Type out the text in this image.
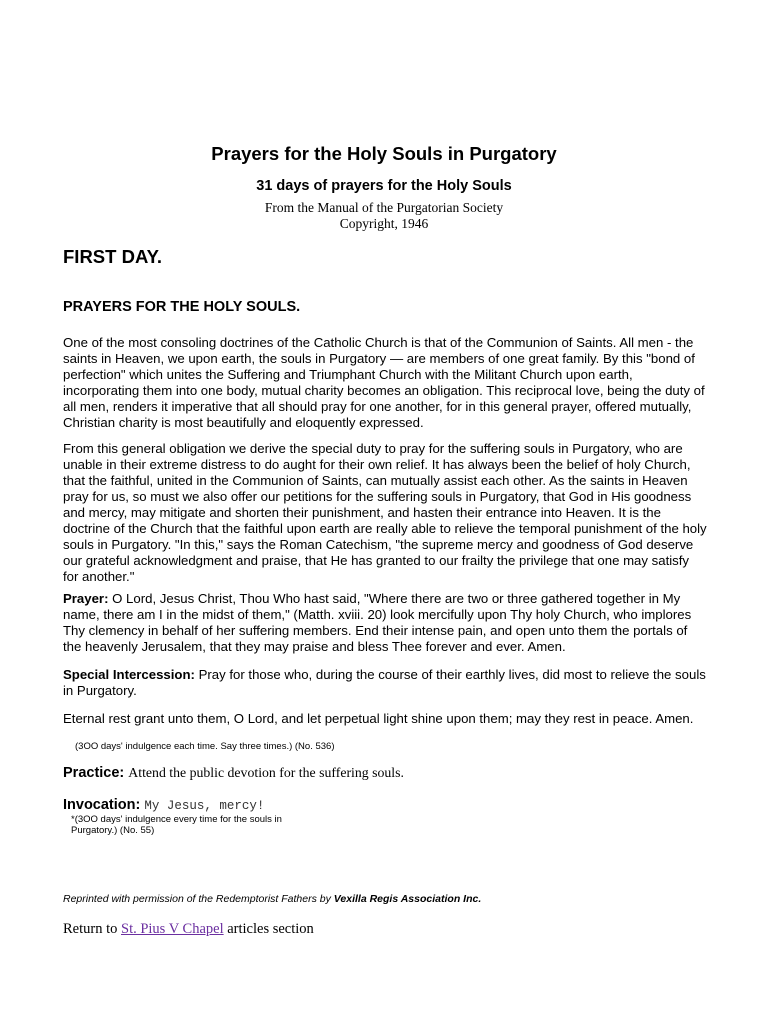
Prayers for the Holy Souls in Purgatory
31 days of prayers for the Holy Souls
From the Manual of the Purgatorian Society
Copyright, 1946
FIRST DAY.
PRAYERS FOR THE HOLY SOULS.

One of the most consoling doctrines of the Catholic Church is that of the Communion of Saints. All men - the saints in Heaven, we upon earth, the souls in Purgatory — are members of one great family. By this "bond of perfection" which unites the Suffering and Triumphant Church with the Militant Church upon earth, incorporating them into one body, mutual charity becomes an obligation. This reciprocal love, being the duty of all men, renders it imperative that all should pray for one another, for in this general prayer, offered mutually, Christian charity is most beautifully and eloquently expressed.

From this general obligation we derive the special duty to pray for the suffering souls in Purgatory, who are unable in their extreme distress to do aught for their own relief. It has always been the belief of holy Church, that the faithful, united in the Communion of Saints, can mutually assist each other. As the saints in Heaven pray for us, so must we also offer our petitions for the suffering souls in Purgatory, that God in His goodness and mercy, may mitigate and shorten their punishment, and hasten their entrance into Heaven. It is the doctrine of the Church that the faithful upon earth are really able to relieve the temporal punishment of the holy souls in Purgatory. "In this," says the Roman Catechism, "the supreme mercy and goodness of God deserve our grateful acknowledgment and praise, that He has granted to our frailty the privilege that one may satisfy for another."

Prayer: O Lord, Jesus Christ, Thou Who hast said, "Where there are two or three gathered together in My name, there am I in the midst of them," (Matth. xviii. 20) look mercifully upon Thy holy Church, who implores Thy clemency in behalf of her suffering members. End their intense pain, and open unto them the portals of the heavenly Jerusalem, that they may praise and bless Thee forever and ever. Amen.

Special Intercession: Pray for those who, during the course of their earthly lives, did most to relieve the souls in Purgatory.

Eternal rest grant unto them, O Lord, and let perpetual light shine upon them; may they rest in peace. Amen.

(3OO days' indulgence each time. Say three times.) (No. 536)
Practice: Attend the public devotion for the suffering souls.
Invocation: My Jesus, mercy!
*(3OO days' indulgence every time for the souls in Purgatory.) (No. 55)
Reprinted with permission of the Redemptorist Fathers by Vexilla Regis Association Inc.
Return to St. Pius V Chapel articles section
